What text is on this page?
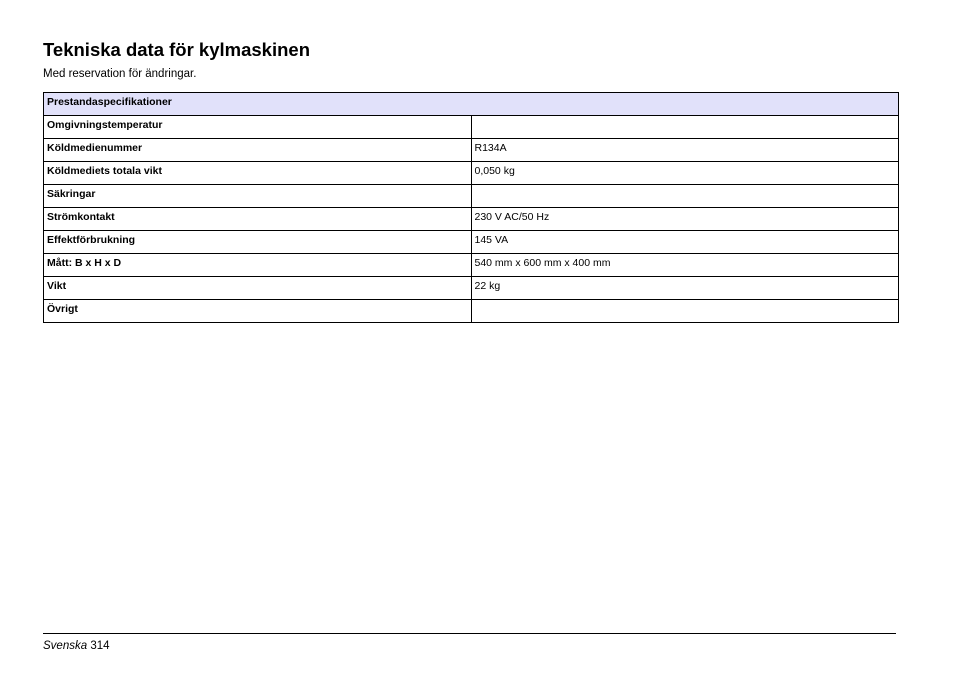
Tekniska data för kylmaskinen

Med reservation för ändringar.

Prestandaspecifikationer	
Omgivningstemperatur	
Köldmedienummer	R134A
Köldmediets totala vikt	0,050 kg
Säkringar	
Strömkontakt	230 V AC/50 Hz
Effektförbrukning	145 VA
Mått: B x H x D	540 mm x 600 mm x 400 mm
Vikt	22 kg
Övrigt	
Svenska 314
